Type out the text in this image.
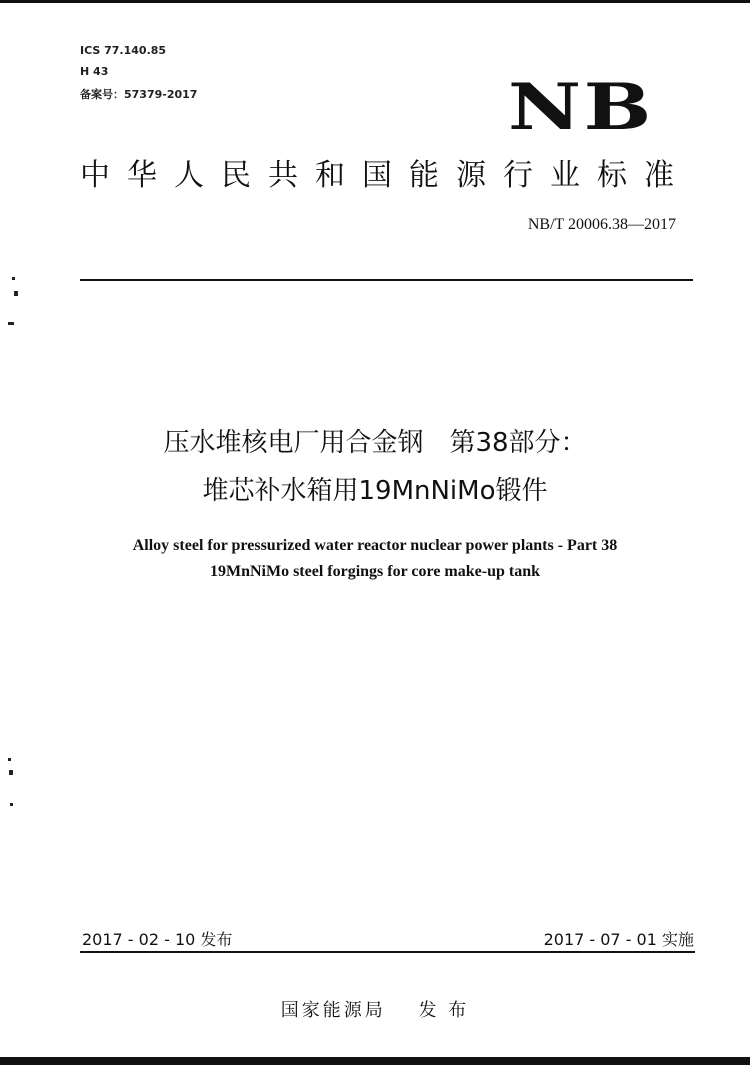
ICS 77.140.85
H 43
备案号：57379-2017	NB
中华人民共和国能源行业标准
NB/T 20006.38—2017
压水堆核电厂用合金钢　第38部分：
堆芯补水箱用19MnNiMo锻件
Alloy steel for pressurized water reactor nuclear power plants - Part 38
19MnNiMo steel forgings for core make-up tank
2017 - 02 - 10 发布	2017 - 07 - 01 实施
国家能源局 发 布
